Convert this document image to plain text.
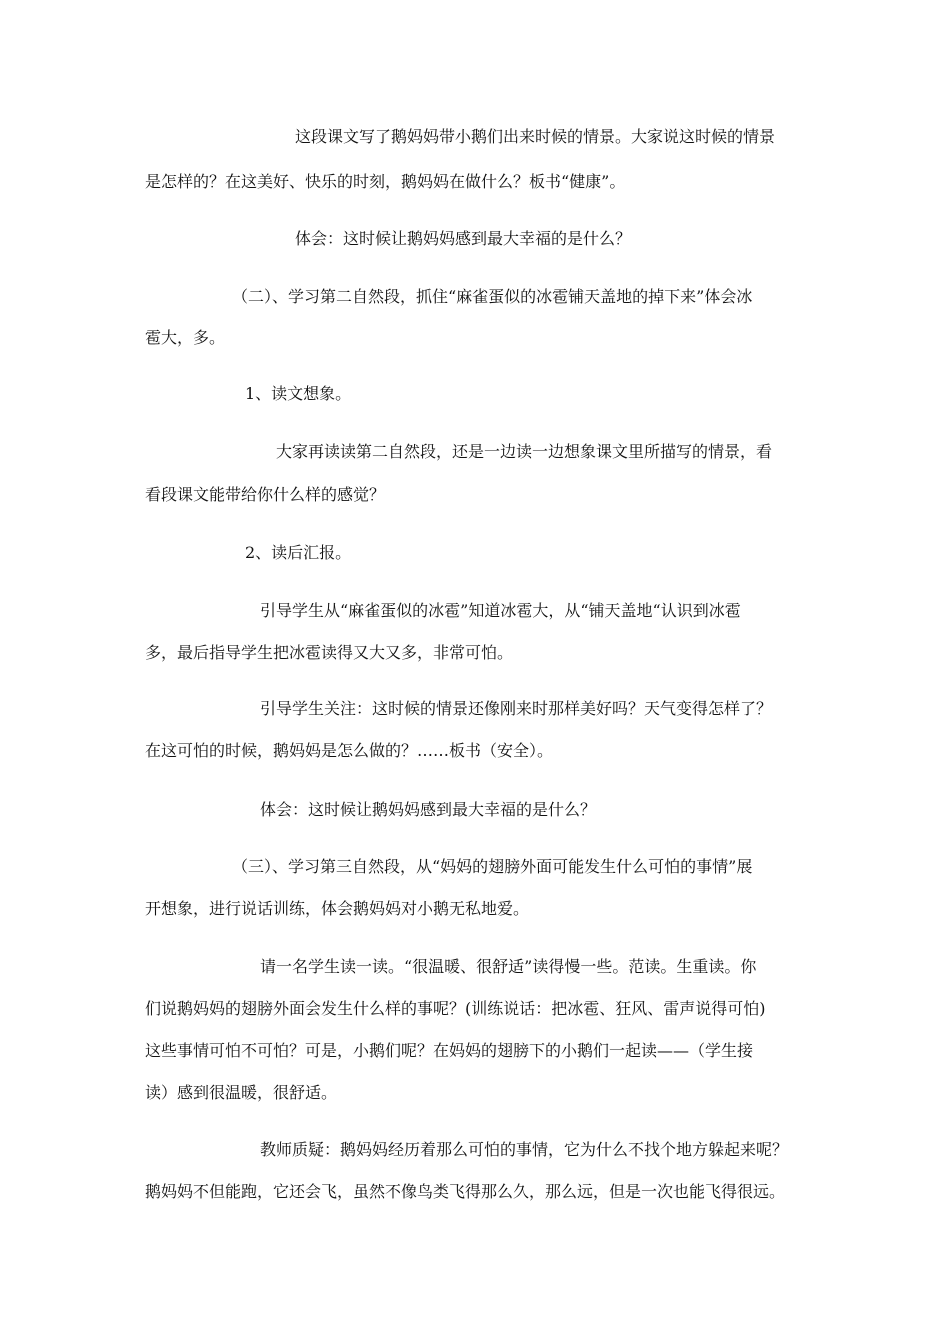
这段课文写了鹅妈妈带小鹅们出来时候的情景。大家说这时候的情景
是怎样的？在这美好、快乐的时刻，鹅妈妈在做什么？板书“健康”。
体会：这时候让鹅妈妈感到最大幸福的是什么？
（二）、学习第二自然段，抓住“麻雀蛋似的冰雹铺天盖地的掉下来”体会冰
雹大，多。
1、读文想象。
大家再读读第二自然段，还是一边读一边想象课文里所描写的情景，看
看段课文能带给你什么样的感觉？
2、读后汇报。
引导学生从“麻雀蛋似的冰雹”知道冰雹大，从“铺天盖地“认识到冰雹
多，最后指导学生把冰雹读得又大又多，非常可怕。
引导学生关注：这时候的情景还像刚来时那样美好吗？天气变得怎样了？
在这可怕的时候，鹅妈妈是怎么做的？……板书（安全）。
体会：这时候让鹅妈妈感到最大幸福的是什么？
（三）、学习第三自然段，从“妈妈的翅膀外面可能发生什么可怕的事情”展
开想象，进行说话训练，体会鹅妈妈对小鹅无私地爱。
请一名学生读一读。“很温暖、很舒适”读得慢一些。范读。生重读。你
们说鹅妈妈的翅膀外面会发生什么样的事呢？(训练说话：把冰雹、狂风、雷声说得可怕)
这些事情可怕不可怕？可是，小鹅们呢？在妈妈的翅膀下的小鹅们一起读——（学生接
读）感到很温暖，很舒适。
教师质疑：鹅妈妈经历着那么可怕的事情，它为什么不找个地方躲起来呢？
鹅妈妈不但能跑，它还会飞，虽然不像鸟类飞得那么久，那么远，但是一次也能飞得很远。
